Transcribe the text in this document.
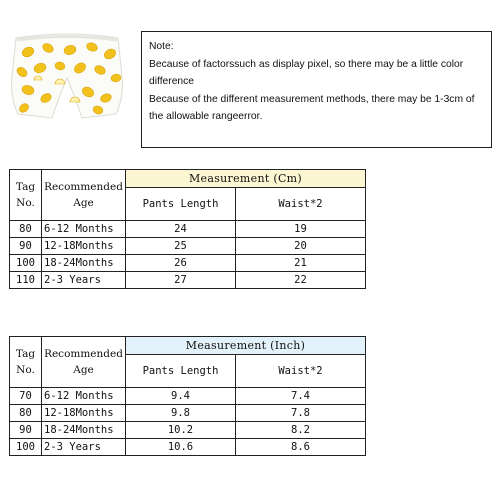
Note:

Because of factorssuch as display pixel, so there may be a little color difference

Because of the different measurement methods, there may be 1-3cm of the allowable rangeerror.

Tag No.	Recommended Age	Measurement (Cm)	
		Pants Length	Waist*2
80	6-12 Months	24	19
90	12-18Months	25	20
100	18-24Months	26	21
110	2-3 Years	27	22
Tag No.	Recommended Age	Measurement (Inch)	
		Pants Length	Waist*2
70	6-12 Months	9.4	7.4
80	12-18Months	9.8	7.8
90	18-24Months	10.2	8.2
100	2-3 Years	10.6	8.6
